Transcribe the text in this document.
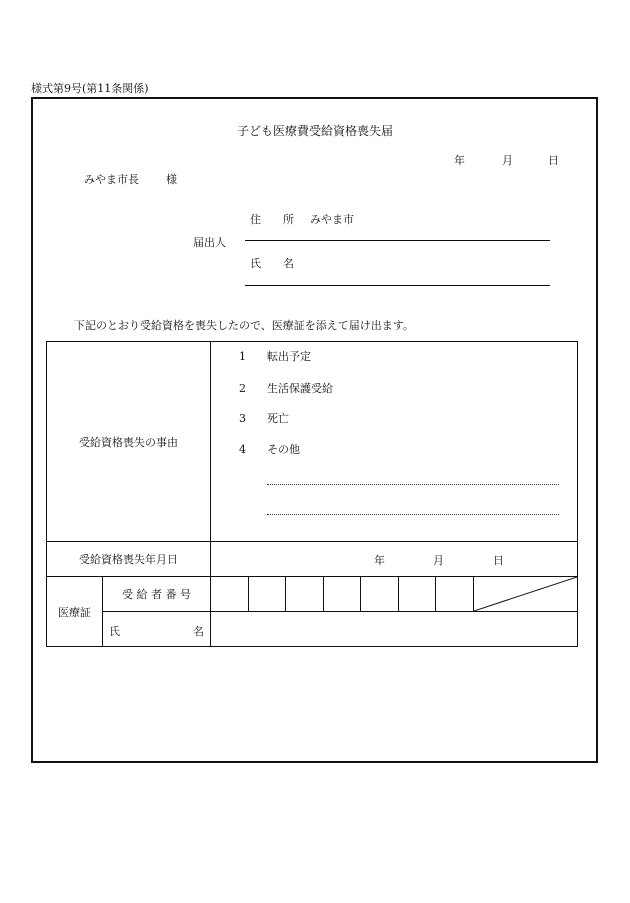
様式第9号(第11条関係)
子ども医療費受給資格喪失届
年	月	日
みやま市長 様
届出人
住　　所 みやま市
氏　　名
下記のとおり受給資格を喪失したので、医療証を添えて届け出ます。
受給資格喪失の事由		1 転出予定
2 生活保護受給
3 死亡
4 その他

受給資格喪失年月日		年 月 日

医療証	受 給 者 番 号	

	氏 名	
